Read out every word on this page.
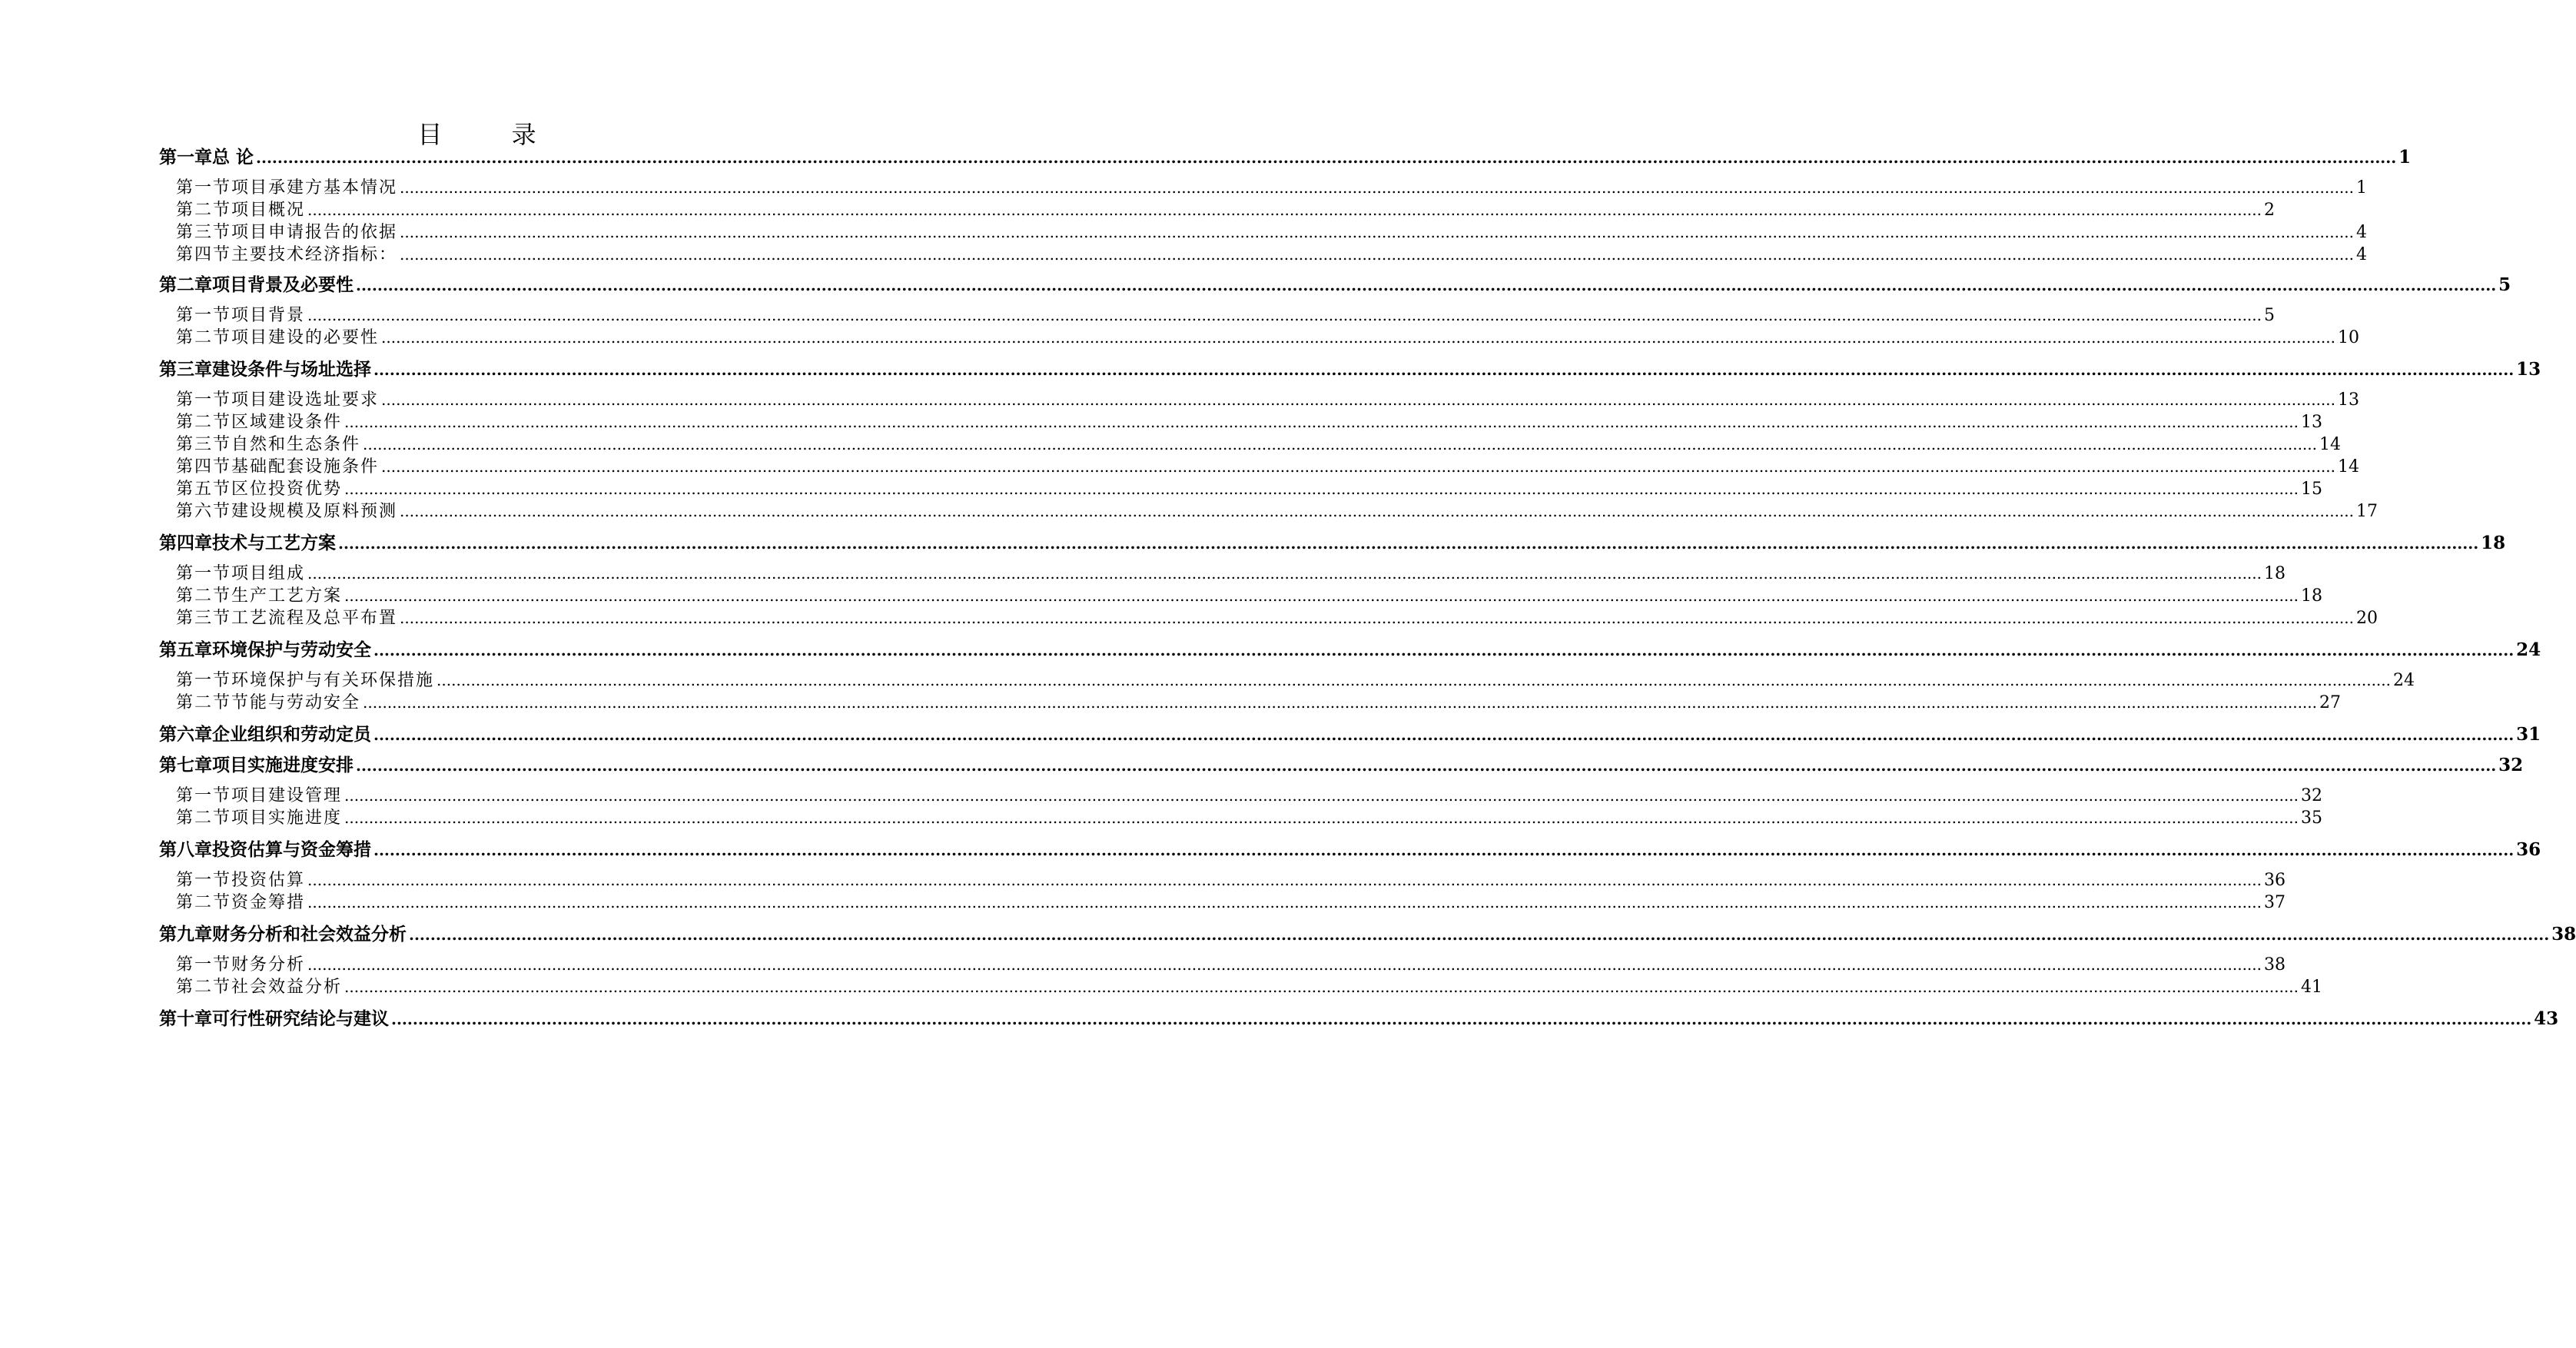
目 录
第一章 总 论 ................................................................................................................................................................................................................................................................................................................................................................................................................ 1
第一节 项目承建方基本情况 ................................................................................................................................................................................................................................................................................................................................................................................................................ 1
第二节 项目概况 ................................................................................................................................................................................................................................................................................................................................................................................................................ 2
第三节 项目申请报告的依据 ................................................................................................................................................................................................................................................................................................................................................................................................................ 4
第四节 主要技术经济指标： ................................................................................................................................................................................................................................................................................................................................................................................................................ 4
第二章 项目背景及必要性 ................................................................................................................................................................................................................................................................................................................................................................................................................ 5
第一节 项目背景 ................................................................................................................................................................................................................................................................................................................................................................................................................ 5
第二节 项目建设的必要性 ................................................................................................................................................................................................................................................................................................................................................................................................................ 10
第三章 建设条件与场址选择 ................................................................................................................................................................................................................................................................................................................................................................................................................ 13
第一节 项目建设选址要求 ................................................................................................................................................................................................................................................................................................................................................................................................................ 13
第二节 区域建设条件 ................................................................................................................................................................................................................................................................................................................................................................................................................ 13
第三节 自然和生态条件 ................................................................................................................................................................................................................................................................................................................................................................................................................ 14
第四节 基础配套设施条件 ................................................................................................................................................................................................................................................................................................................................................................................................................ 14
第五节 区位投资优势 ................................................................................................................................................................................................................................................................................................................................................................................................................ 15
第六节 建设规模及原料预测 ................................................................................................................................................................................................................................................................................................................................................................................................................ 17
第四章 技术与工艺方案 ................................................................................................................................................................................................................................................................................................................................................................................................................ 18
第一节 项目组成 ................................................................................................................................................................................................................................................................................................................................................................................................................ 18
第二节 生产工艺方案 ................................................................................................................................................................................................................................................................................................................................................................................................................ 18
第三节 工艺流程及总平布置 ................................................................................................................................................................................................................................................................................................................................................................................................................ 20
第五章 环境保护与劳动安全 ................................................................................................................................................................................................................................................................................................................................................................................................................ 24
第一节 环境保护与有关环保措施 ................................................................................................................................................................................................................................................................................................................................................................................................................ 24
第二节 节能与劳动安全 ................................................................................................................................................................................................................................................................................................................................................................................................................ 27
第六章 企业组织和劳动定员 ................................................................................................................................................................................................................................................................................................................................................................................................................ 31
第七章 项目实施进度安排 ................................................................................................................................................................................................................................................................................................................................................................................................................ 32
第一节 项目建设管理 ................................................................................................................................................................................................................................................................................................................................................................................................................ 32
第二节 项目实施进度 ................................................................................................................................................................................................................................................................................................................................................................................................................ 35
第八章 投资估算与资金筹措 ................................................................................................................................................................................................................................................................................................................................................................................................................ 36
第一节 投资估算 ................................................................................................................................................................................................................................................................................................................................................................................................................ 36
第二节 资金筹措 ................................................................................................................................................................................................................................................................................................................................................................................................................ 37
第九章 财务分析和社会效益分析 ................................................................................................................................................................................................................................................................................................................................................................................................................ 38
第一节 财务分析 ................................................................................................................................................................................................................................................................................................................................................................................................................ 38
第二节 社会效益分析 ................................................................................................................................................................................................................................................................................................................................................................................................................ 41
第十章 可行性研究结论与建议 ................................................................................................................................................................................................................................................................................................................................................................................................................ 43
